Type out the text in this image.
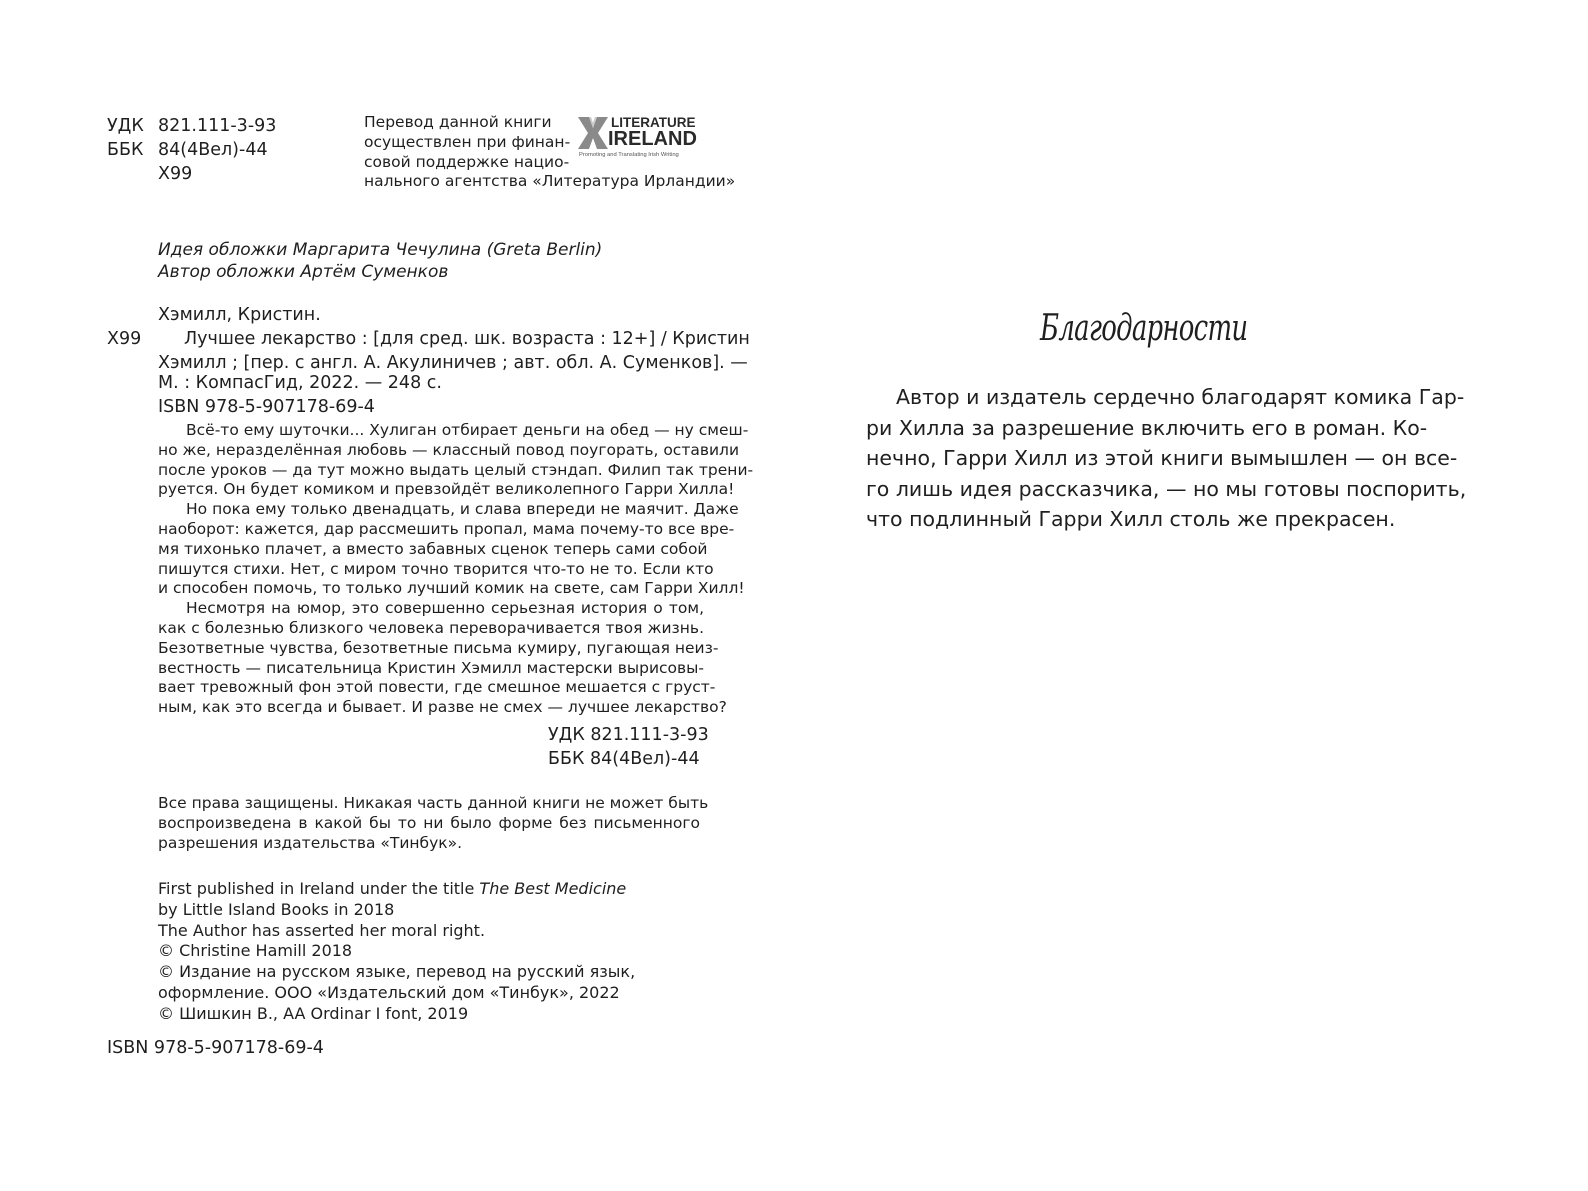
УДК 821.111-3-93
ББК 84(4Вел)-44
Х99
Перевод данной книги
осуществлен при финан-
совой поддержке нацио-
нального агентства «Литература Ирландии»
LITERATURE
IRELAND
Promoting and Translating Irish Writing
Идея обложки Маргарита Чечулина (Greta Berlin)
Автор обложки Артём Суменков
Хэмилл, Кристин.
Х99 Лучшее лекарство : [для сред. шк. возраста : 12+] / Кристин
Хэмилл ; [пер. с англ. А. Акулиничев ; авт. обл. А. Суменков]. —
М. : КомпасГид, 2022. — 248 с.
ISBN 978-5-907178-69-4
Всё-то ему шуточки... Хулиган отбирает деньги на обед — ну смеш-
но же, неразделённая любовь — классный повод поугорать, оставили
после уроков — да тут можно выдать целый стэндап. Филип так трени-
руется. Он будет комиком и превзойдёт великолепного Гарри Хилла!
Но пока ему только двенадцать, и слава впереди не маячит. Даже
наоборот: кажется, дар рассмешить пропал, мама почему-то все вре-
мя тихонько плачет, а вместо забавных сценок теперь сами собой
пишутся стихи. Нет, с миром точно творится что-то не то. Если кто
и способен помочь, то только лучший комик на свете, сам Гарри Хилл!
Несмотря на юмор, это совершенно серьезная история о том,
как с болезнью близкого человека переворачивается твоя жизнь.
Безответные чувства, безответные письма кумиру, пугающая неиз-
вестность — писательница Кристин Хэмилл мастерски вырисовы-
вает тревожный фон этой повести, где смешное мешается с груст-
ным, как это всегда и бывает. И разве не смех — лучшее лекарство?
УДК 821.111-3-93
ББК 84(4Вел)-44
Все права защищены. Никакая часть данной книги не может быть
воспроизведена в какой бы то ни было форме без письменного
разрешения издательства «Тинбук».
First published in Ireland under the title The Best Medicine
by Little Island Books in 2018
The Author has asserted her moral right.
© Christine Hamill 2018
© Издание на русском языке, перевод на русский язык,
оформление. ООО «Издательский дом «Тинбук», 2022
© Шишкин В., AA Ordinar I font, 2019
ISBN 978-5-907178-69-4
Благодарности
Автор и издатель сердечно благодарят комика Гар-
ри Хилла за разрешение включить его в роман. Ко-
нечно, Гарри Хилл из этой книги вымышлен — он все-
го лишь идея рассказчика, — но мы готовы поспорить,
что подлинный Гарри Хилл столь же прекрасен.
